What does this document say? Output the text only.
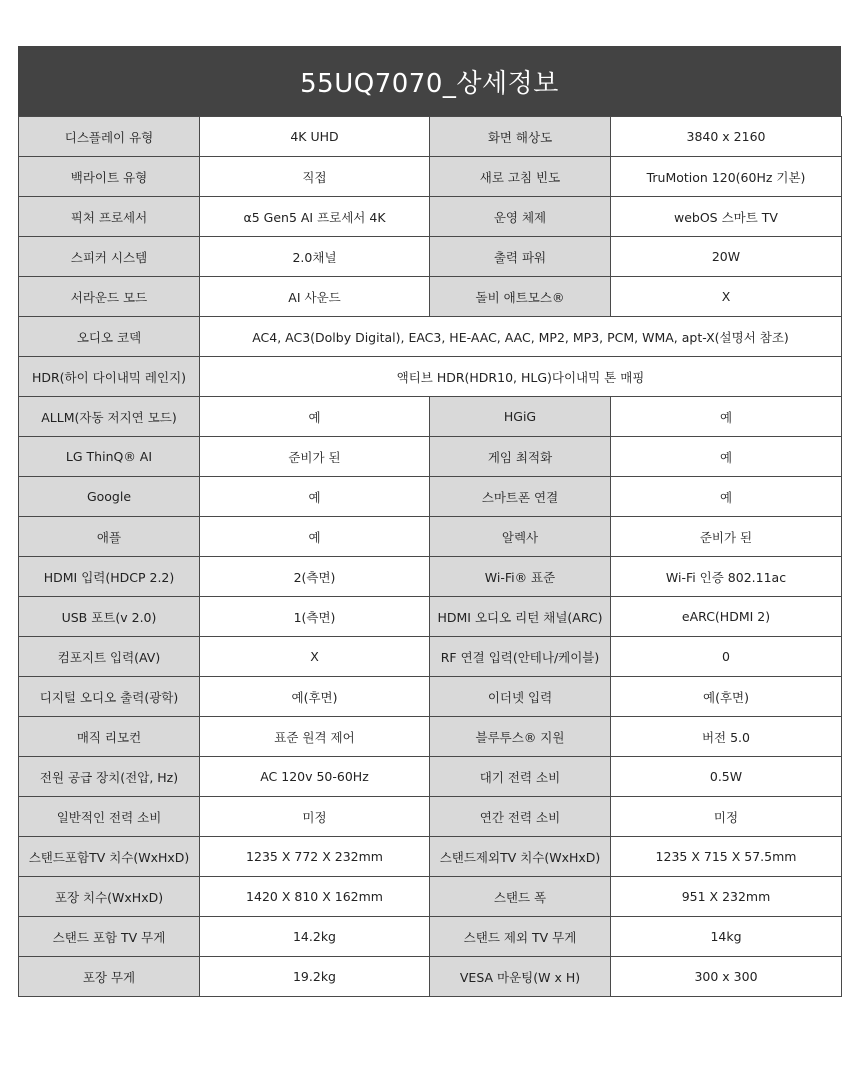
55UQ7070_상세정보
디스플레이 유형	4K UHD	화면 해상도	3840 x 2160
백라이트 유형	직접	새로 고침 빈도	TruMotion 120(60Hz 기본)
픽처 프로세서	α5 Gen5 AI 프로세서 4K	운영 체제	webOS 스마트 TV
스피커 시스템	2.0채널	출력 파워	20W
서라운드 모드	AI 사운드	돌비 애트모스®	X
오디오 코덱	AC4, AC3(Dolby Digital), EAC3, HE-AAC, AAC, MP2, MP3, PCM, WMA, apt-X(설명서 참조)		
HDR(하이 다이내믹 레인지)	액티브 HDR(HDR10, HLG)다이내믹 톤 매핑		
ALLM(자동 저지연 모드)	예	HGiG	예
LG ThinQ® AI	준비가 된	게임 최적화	예
Google	예	스마트폰 연결	예
애플	예	알렉사	준비가 된
HDMI 입력(HDCP 2.2)	2(측면)	Wi-Fi® 표준	Wi-Fi 인증 802.11ac
USB 포트(v 2.0)	1(측면)	HDMI 오디오 리턴 채널(ARC)	eARC(HDMI 2)
컴포지트 입력(AV)	X	RF 연결 입력(안테나/케이블)	0
디지털 오디오 출력(광학)	예(후면)	이더넷 입력	예(후면)
매직 리모컨	표준 원격 제어	블루투스® 지원	버전 5.0
전원 공급 장치(전압, Hz)	AC 120v 50-60Hz	대기 전력 소비	0.5W
일반적인 전력 소비	미정	연간 전력 소비	미정
스탠드포함TV 치수(WxHxD)	1235 X 772 X 232mm	스탠드제외TV 치수(WxHxD)	1235 X 715 X 57.5mm
포장 치수(WxHxD)	1420 X 810 X 162mm	스탠드 폭	951 X 232mm
스탠드 포함 TV 무게	14.2kg	스탠드 제외 TV 무게	14kg
포장 무게	19.2kg	VESA 마운팅(W x H)	300 x 300
